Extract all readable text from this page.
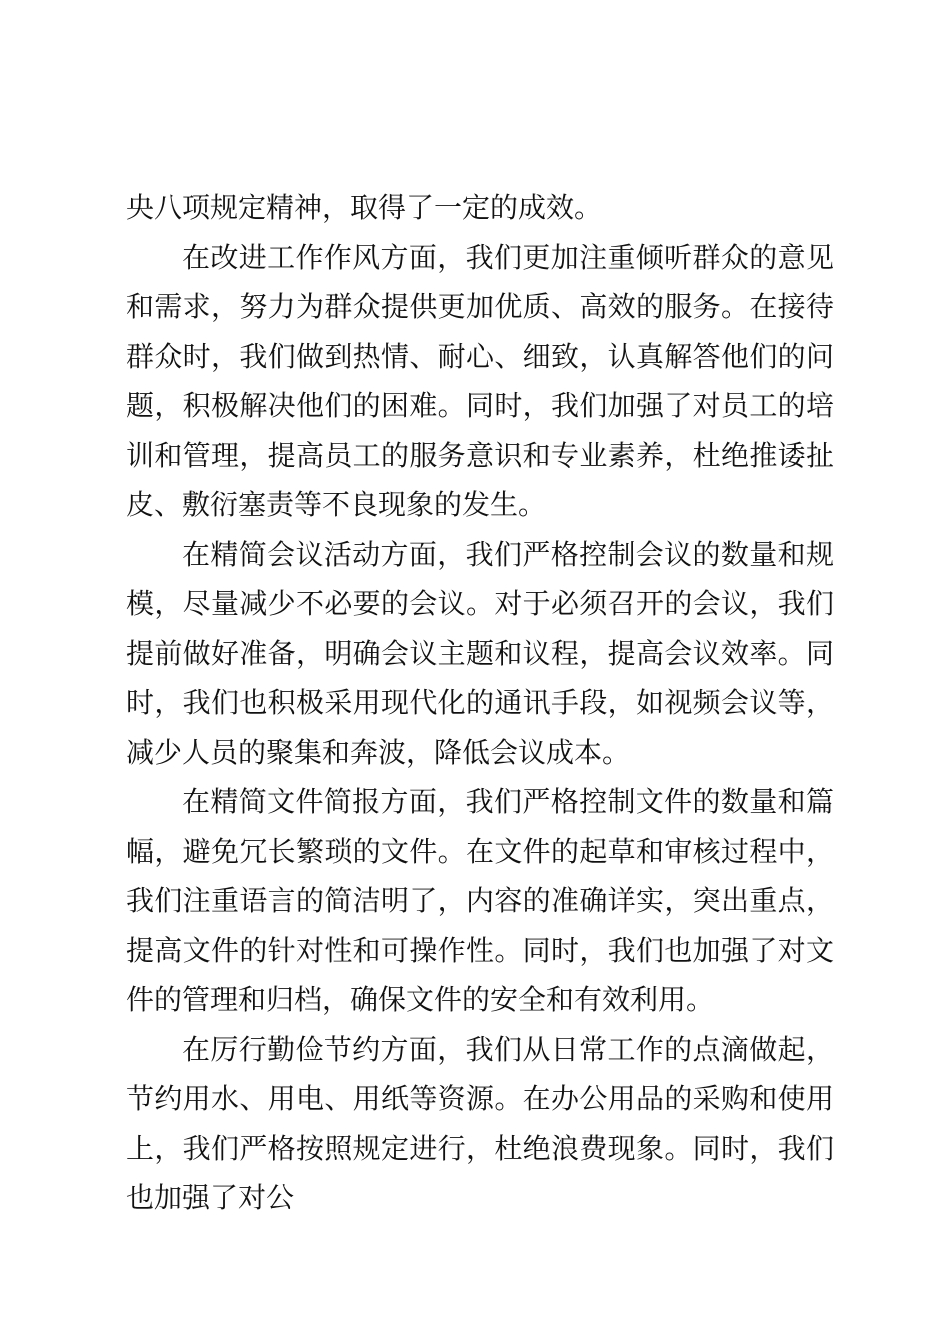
央八项规定精神，取得了一定的成效。

在改进工作作风方面，我们更加注重倾听群众的意见和需求，努力为群众提供更加优质、高效的服务。在接待群众时，我们做到热情、耐心、细致，认真解答他们的问题，积极解决他们的困难。同时，我们加强了对员工的培训和管理，提高员工的服务意识和专业素养，杜绝推诿扯皮、敷衍塞责等不良现象的发生。

在精简会议活动方面，我们严格控制会议的数量和规模，尽量减少不必要的会议。对于必须召开的会议，我们提前做好准备，明确会议主题和议程，提高会议效率。同时，我们也积极采用现代化的通讯手段，如视频会议等，减少人员的聚集和奔波，降低会议成本。

在精简文件简报方面，我们严格控制文件的数量和篇幅，避免冗长繁琐的文件。在文件的起草和审核过程中，我们注重语言的简洁明了，内容的准确详实，突出重点，提高文件的针对性和可操作性。同时，我们也加强了对文件的管理和归档，确保文件的安全和有效利用。

在厉行勤俭节约方面，我们从日常工作的点滴做起，节约用水、用电、用纸等资源。在办公用品的采购和使用上，我们严格按照规定进行，杜绝浪费现象。同时，我们也加强了对公
